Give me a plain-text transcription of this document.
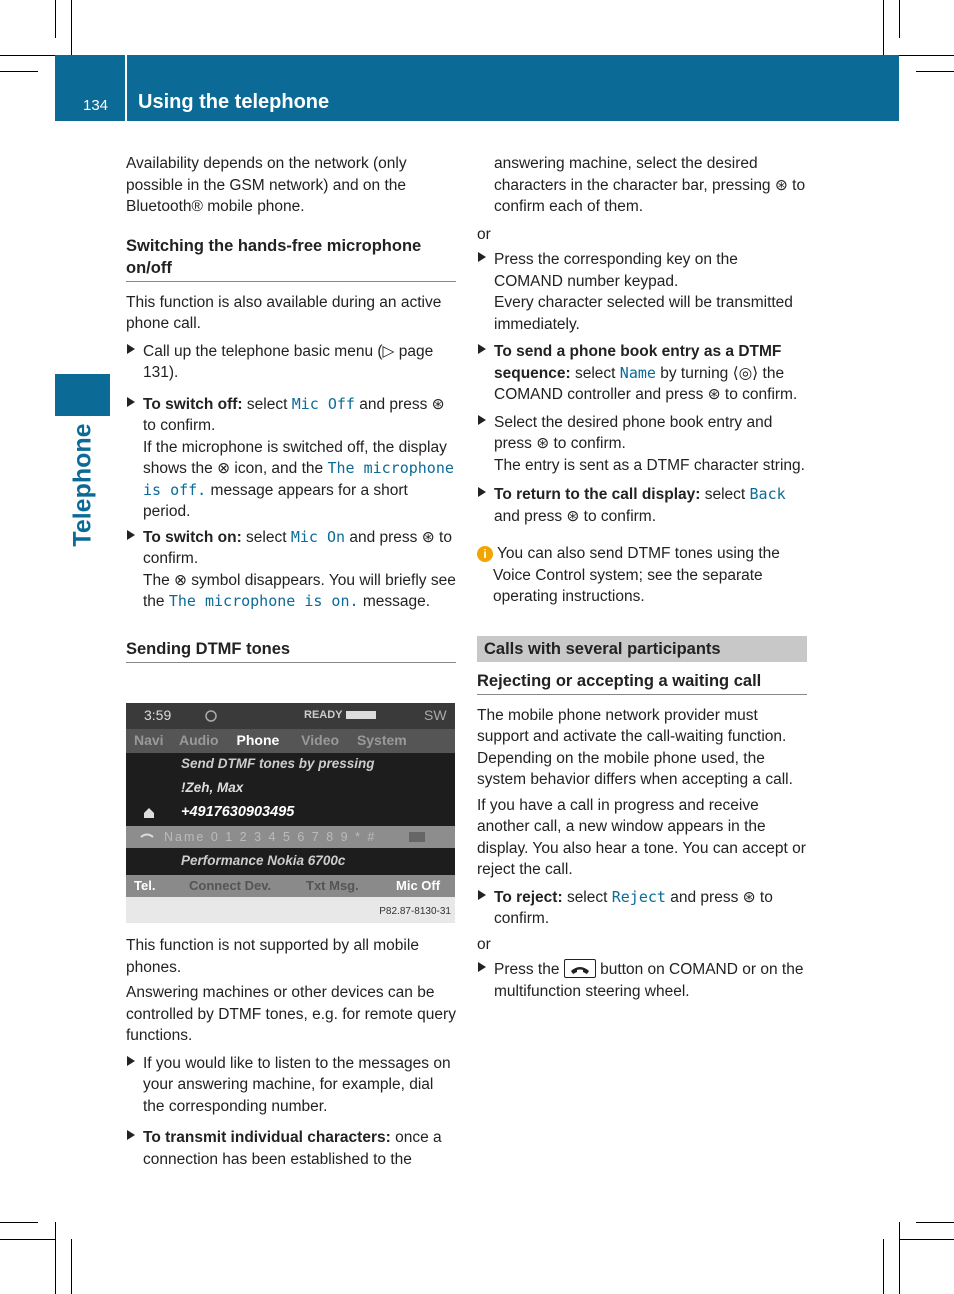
134 Using the telephone
Telephone

Availability depends on the network (only possible in the GSM network) and on the Bluetooth® mobile phone.

Switching the hands-free microphone on/off

This function is also available during an active phone call.

Call up the telephone basic menu (▷ page 131).
To switch off: select Mic Off and press ⊛ to confirm.
If the microphone is switched off, the display shows the ⊗ icon, and the The microphone is off. message appears for a short period.
To switch on: select Mic On and press ⊛ to confirm.
The ⊗ symbol disappears. You will briefly see the The microphone is on. message.
Sending DTMF tones
3:59	READY	SW
Navi Audio Phone Video System
Send DTMF tones by pressing
!Zeh, Max
+4917630903495
Name 0 1 2 3 4 5 6 7 8 9 * #
Performance Nokia 6700c
Tel.	Connect Dev.	Txt Msg.	Mic Off
P82.87-8130-31

This function is not supported by all mobile phones.

Answering machines or other devices can be controlled by DTMF tones, e.g. for remote query functions.

If you would like to listen to the messages on your answering machine, for example, dial the corresponding number.
To transmit individual characters: once a connection has been established to the
answering machine, select the desired characters in the character bar, pressing ⊛ to confirm each of them.

or

Press the corresponding key on the COMAND number keypad.
Every character selected will be transmitted immediately.
To send a phone book entry as a DTMF sequence: select Name by turning ⟨◎⟩ the COMAND controller and press ⊛ to confirm.
Select the desired phone book entry and press ⊛ to confirm.
The entry is sent as a DTMF character string.
To return to the call display: select Back and press ⊛ to confirm.
i You can also send DTMF tones using the Voice Control system; see the separate operating instructions.
Calls with several participants
Rejecting or accepting a waiting call

The mobile phone network provider must support and activate the call-waiting function. Depending on the mobile phone used, the system behavior differs when accepting a call.

If you have a call in progress and receive another call, a new window appears in the display. You also hear a tone. You can accept or reject the call.

To reject: select Reject and press ⊛ to confirm.

or

Press the	button on COMAND or on the multifunction steering wheel.
